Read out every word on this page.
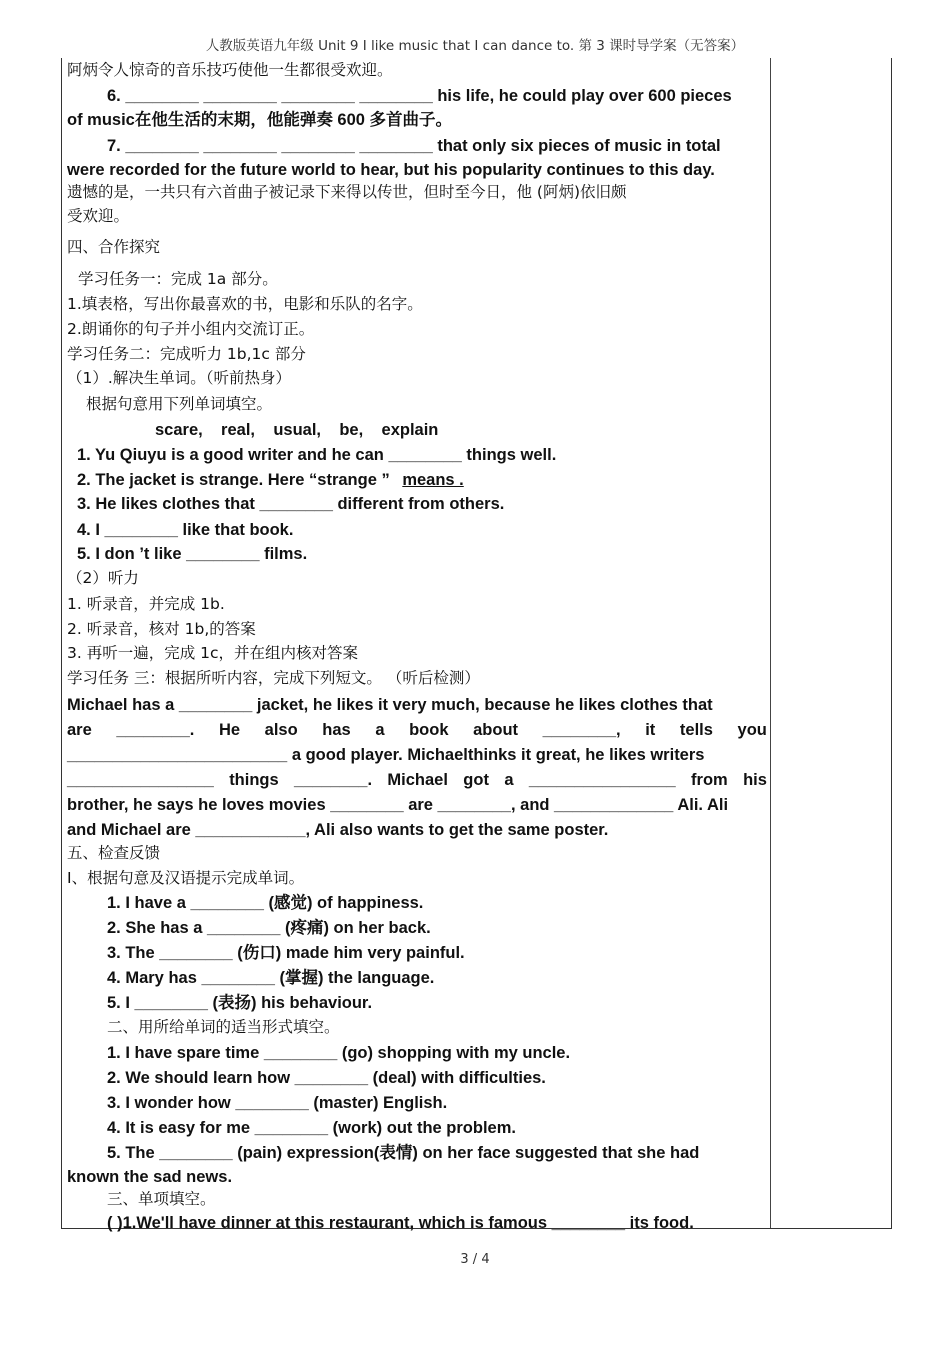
人教版英语九年级 Unit 9 I like music that I can dance to. 第 3 课时导学案（无答案）
阿炳令人惊奇的音乐技巧使他一生都很受欢迎。
6. ________ ________ ________ ________ his life, he could play over 600 pieces
of music在他生活的末期，他能弹奏 600 多首曲子。
7. ________ ________ ________ ________ that only six pieces of music in total
were recorded for the future world to hear, but his popularity continues to this day.
遗憾的是，一共只有六首曲子被记录下来得以传世，但时至今日，他 (阿炳)依旧颇
受欢迎。
四、合作探究
学习任务一：完成 1a 部分。
1.填表格，写出你最喜欢的书，电影和乐队的名字。
2.朗诵你的句子并小组内交流订正。
学习任务二：完成听力 1b,1c 部分
（1）.解决生单词。（听前热身）
根据句意用下列单词填空。
scare,    real,    usual,    be,    explain
1. Yu Qiuyu is a good writer and he can ________ things well.
2. The jacket is strange. Here “strange ” means .
3. He likes clothes that ________ different from others.
4. I ________ like that book.
5. I don ’t like ________ films.
（2）听力
1. 听录音，并完成 1b.
2. 听录音，核对 1b,的答案
3. 再听一遍，完成 1c，并在组内核对答案
学习任务 三：根据所听内容，完成下列短文。 （听后检测）
Michael has a ________ jacket, he likes it very much, because he likes clothes that
are ________. He also has a book about ________, it tells you
________________________ a good player. Michaelthinks it great, he likes writers
________________ things ________. Michael got a ________________ from his
brother, he says he loves movies ________ are ________, and _____________ Ali. Ali
and Michael are ____________, Ali also wants to get the same poster.
五、检查反馈
Ⅰ、根据句意及汉语提示完成单词。
1. I have a ________ (感觉) of happiness.
2. She has a ________ (疼痛) on her back.
3. The ________ (伤口) made him very painful.
4. Mary has ________ (掌握) the language.
5. I ________ (表扬) his behaviour.
二、用所给单词的适当形式填空。
1. I have spare time ________ (go) shopping with my uncle.
2. We should learn how ________ (deal) with difficulties.
3. I wonder how ________ (master) English.
4. It is easy for me ________ (work) out the problem.
5. The ________ (pain) expression(表情) on her face suggested that she had
known the sad news.
三、单项填空。
( )1.We'll have dinner at this restaurant, which is famous ________ its food.
3 / 4
